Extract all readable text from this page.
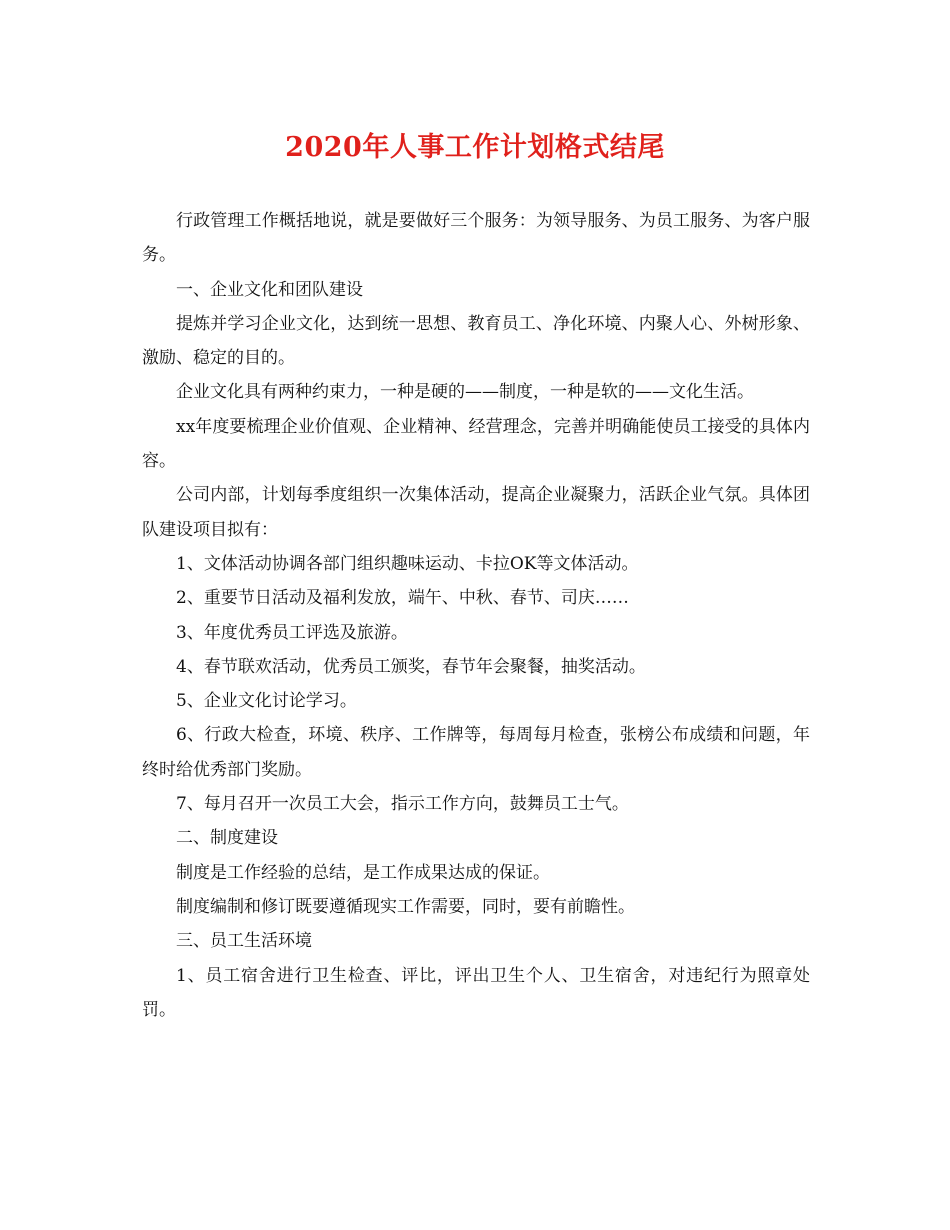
2020年人事工作计划格式结尾

行政管理工作概括地说，就是要做好三个服务：为领导服务、为员工服务、为客户服务。

一、企业文化和团队建设

提炼并学习企业文化，达到统一思想、教育员工、净化环境、内聚人心、外树形象、激励、稳定的目的。

企业文化具有两种约束力，一种是硬的——制度，一种是软的——文化生活。

xx年度要梳理企业价值观、企业精神、经营理念，完善并明确能使员工接受的具体内容。

公司内部，计划每季度组织一次集体活动，提高企业凝聚力，活跃企业气氛。具体团队建设项目拟有：

1、文体活动协调各部门组织趣味运动、卡拉OK等文体活动。

2、重要节日活动及福利发放，端午、中秋、春节、司庆……

3、年度优秀员工评选及旅游。

4、春节联欢活动，优秀员工颁奖，春节年会聚餐，抽奖活动。

5、企业文化讨论学习。

6、行政大检查，环境、秩序、工作牌等，每周每月检查，张榜公布成绩和问题，年终时给优秀部门奖励。

7、每月召开一次员工大会，指示工作方向，鼓舞员工士气。

二、制度建设

制度是工作经验的总结，是工作成果达成的保证。

制度编制和修订既要遵循现实工作需要，同时，要有前瞻性。

三、员工生活环境

1、员工宿舍进行卫生检查、评比，评出卫生个人、卫生宿舍，对违纪行为照章处罚。
